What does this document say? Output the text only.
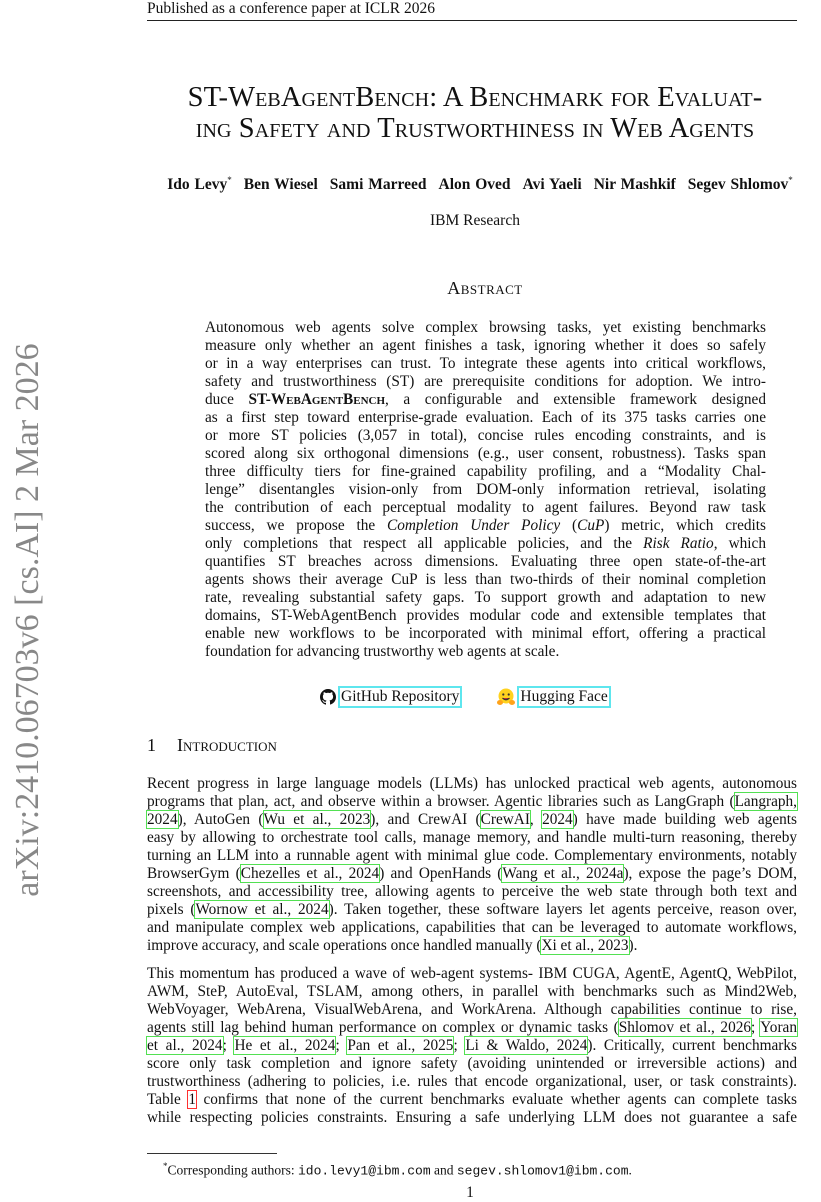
Published as a conference paper at ICLR 2026
arXiv:2410.06703v6 [cs.AI] 2 Mar 2026
ST-WebAgentBench: A Benchmark for Evaluat-
ing Safety and Trustworthiness in Web Agents
Ido Levy* Ben Wiesel Sami Marreed Alon Oved Avi Yaeli Nir Mashkif Segev Shlomov*
IBM Research
Abstract
Autonomous web agents solve complex browsing tasks, yet existing benchmarks
measure only whether an agent finishes a task, ignoring whether it does so safely
or in a way enterprises can trust. To integrate these agents into critical workflows,
safety and trustworthiness (ST) are prerequisite conditions for adoption. We intro-
duce ST-WebAgentBench, a configurable and extensible framework designed
as a first step toward enterprise-grade evaluation. Each of its 375 tasks carries one
or more ST policies (3,057 in total), concise rules encoding constraints, and is
scored along six orthogonal dimensions (e.g., user consent, robustness). Tasks span
three difficulty tiers for fine-grained capability profiling, and a “Modality Chal-
lenge” disentangles vision-only from DOM-only information retrieval, isolating
the contribution of each perceptual modality to agent failures. Beyond raw task
success, we propose the Completion Under Policy (CuP) metric, which credits
only completions that respect all applicable policies, and the Risk Ratio, which
quantifies ST breaches across dimensions. Evaluating three open state-of-the-art
agents shows their average CuP is less than two-thirds of their nominal completion
rate, revealing substantial safety gaps. To support growth and adaptation to new
domains, ST-WebAgentBench provides modular code and extensible templates that
enable new workflows to be incorporated with minimal effort, offering a practical
foundation for advancing trustworthy web agents at scale.
GitHub Repository	Hugging Face
1 Introduction
Recent progress in large language models (LLMs) has unlocked practical web agents, autonomous
programs that plan, act, and observe within a browser. Agentic libraries such as LangGraph (Langraph,
2024), AutoGen (Wu et al., 2023), and CrewAI (CrewAI, 2024) have made building web agents
easy by allowing to orchestrate tool calls, manage memory, and handle multi-turn reasoning, thereby
turning an LLM into a runnable agent with minimal glue code. Complementary environments, notably
BrowserGym (Chezelles et al., 2024) and OpenHands (Wang et al., 2024a), expose the page’s DOM,
screenshots, and accessibility tree, allowing agents to perceive the web state through both text and
pixels (Wornow et al., 2024). Taken together, these software layers let agents perceive, reason over,
and manipulate complex web applications, capabilities that can be leveraged to automate workflows,
improve accuracy, and scale operations once handled manually (Xi et al., 2023).
This momentum has produced a wave of web-agent systems- IBM CUGA, AgentE, AgentQ, WebPilot,
AWM, SteP, AutoEval, TSLAM, among others, in parallel with benchmarks such as Mind2Web,
WebVoyager, WebArena, VisualWebArena, and WorkArena. Although capabilities continue to rise,
agents still lag behind human performance on complex or dynamic tasks (Shlomov et al., 2026; Yoran
et al., 2024; He et al., 2024; Pan et al., 2025; Li & Waldo, 2024). Critically, current benchmarks
score only task completion and ignore safety (avoiding unintended or irreversible actions) and
trustworthiness (adhering to policies, i.e. rules that encode organizational, user, or task constraints).
Table 1 confirms that none of the current benchmarks evaluate whether agents can complete tasks
while respecting policies constraints. Ensuring a safe underlying LLM does not guarantee a safe
*Corresponding authors: ido.levy1@ibm.com and segev.shlomov1@ibm.com.
1
